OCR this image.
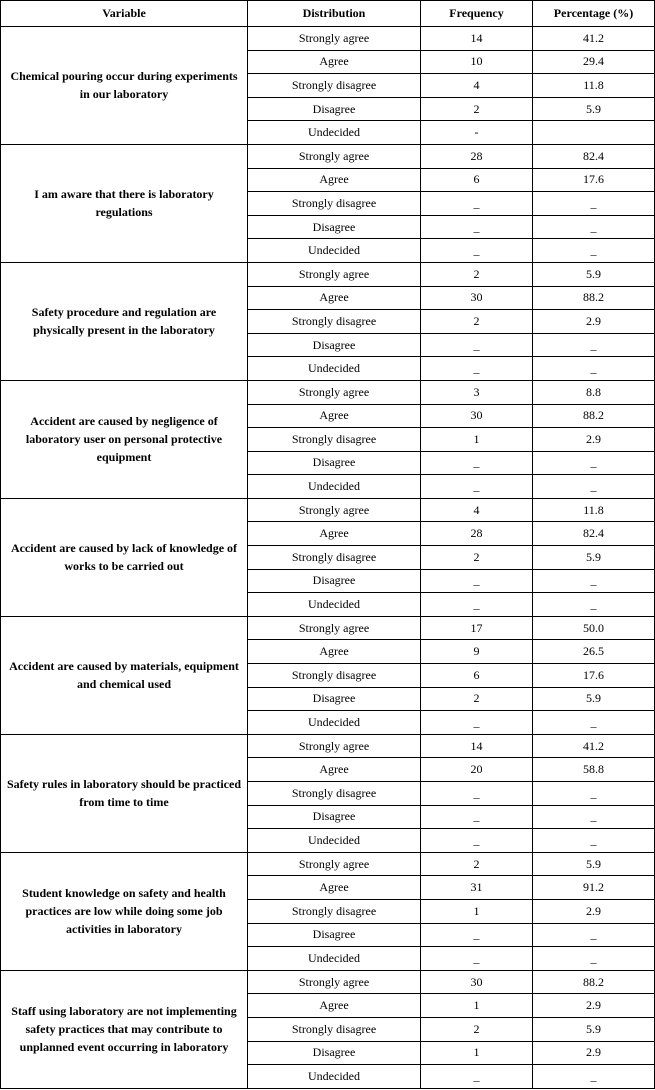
Variable	Distribution	Frequency	Percentage (%)
Chemical pouring occur during experiments in our laboratory	Strongly agree	14	41.2
	Agree	10	29.4
	Strongly disagree	4	11.8
	Disagree	2	5.9
	Undecided	-	
I am aware that there is laboratory regulations	Strongly agree	28	82.4
	Agree	6	17.6
	Strongly disagree	_	_
	Disagree	_	_
	Undecided	_	_
Safety procedure and regulation are physically present in the laboratory	Strongly agree	2	5.9
	Agree	30	88.2
	Strongly disagree	2	2.9
	Disagree	_	_
	Undecided	_	_
Accident are caused by negligence of laboratory user on personal protective equipment	Strongly agree	3	8.8
	Agree	30	88.2
	Strongly disagree	1	2.9
	Disagree	_	_
	Undecided	_	_
Accident are caused by lack of knowledge of works to be carried out	Strongly agree	4	11.8
	Agree	28	82.4
	Strongly disagree	2	5.9
	Disagree	_	_
	Undecided	_	_
Accident are caused by materials, equipment and chemical used	Strongly agree	17	50.0
	Agree	9	26.5
	Strongly disagree	6	17.6
	Disagree	2	5.9
	Undecided	_	_
Safety rules in laboratory should be practiced from time to time	Strongly agree	14	41.2
	Agree	20	58.8
	Strongly disagree	_	_
	Disagree	_	_
	Undecided	_	_
Student knowledge on safety and health practices are low while doing some job activities in laboratory	Strongly agree	2	5.9
	Agree	31	91.2
	Strongly disagree	1	2.9
	Disagree	_	_
	Undecided	_	_
Staff using laboratory are not implementing safety practices that may contribute to unplanned event occurring in laboratory	Strongly agree	30	88.2
	Agree	1	2.9
	Strongly disagree	2	5.9
	Disagree	1	2.9
	Undecided	_	_
